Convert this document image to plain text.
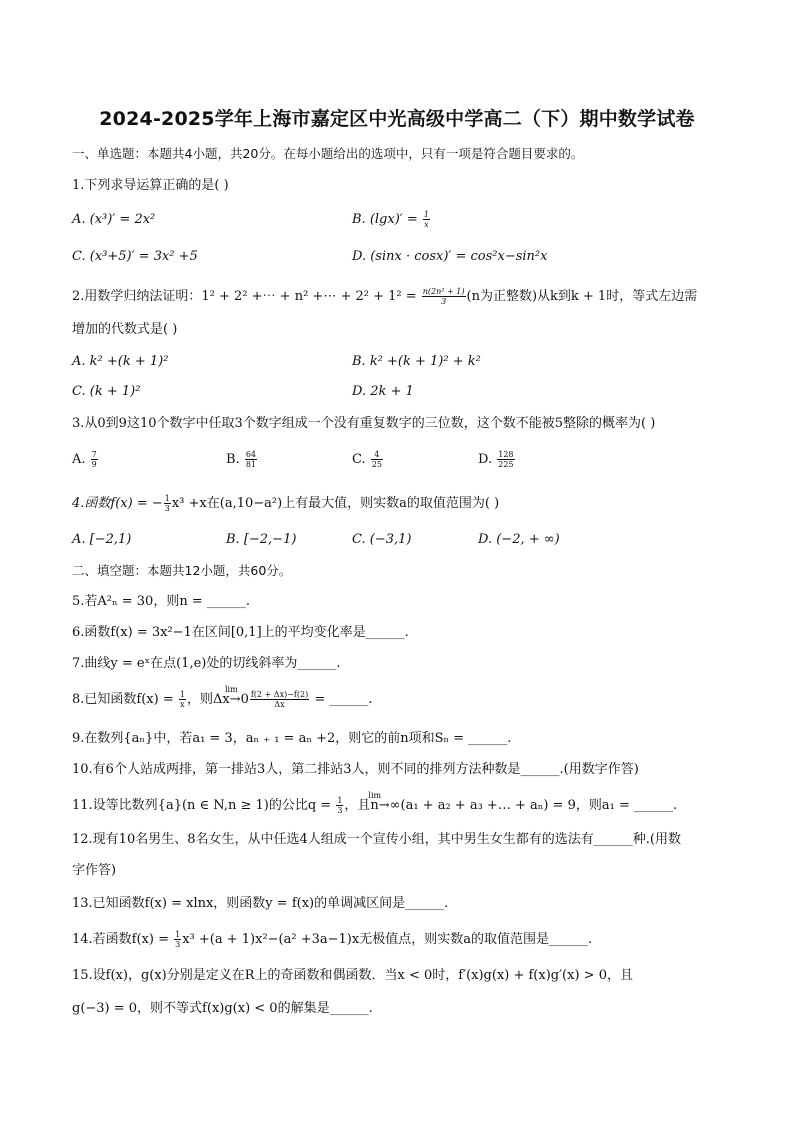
2024-2025学年上海市嘉定区中光高级中学高二（下）期中数学试卷
一、单选题：本题共4小题，共20分。在每小题给出的选项中，只有一项是符合题目要求的。
1.下列求导运算正确的是( )
A. (x³)′ = 2x²	B. $(\lg x)' = \frac{1}{x}$
C. (x³+5)′ = 3x² +5	D. (sinx · cosx)′ = cos²x−sin²x
2.用数学归纳法证明：1² + 2² +⋯ + n² +⋯ + $2^2 + 1^2 = \frac{\text{n(2n² + 1)}}{3} (n$为正整数)从k到k + 1时，等式左边需
增加的代数式是( )
A. k² +(k + 1)²	B. k² +(k + 1)² + k²
C. (k + 1)²	D. 2k + 1
3.从0到9这10个数字中任取3个数字组成一个没有重复数字的三位数，这个数不能被5整除的概率为( )
A. $\frac{7}{9}$	B. $\frac{64}{81}$	C. $\frac{4}{25}$	D. $\frac{128}{225}$
4.函数f(x) = − $\frac{1}{3} x^3 +x$在(a,10−a²)上有最大值，则实数a的取值范围为( )
A. [−2,1)	B. [−2,−1)	C. (−3,1)	D. (−2, + ∞)
二、填空题：本题共12小题，共60分。
5.若A²ₙ = 30，则n = ______.
6.函数f(x) = 3x²−1在区间[0,1]上的平均变化率是______.
7.曲线y = eˣ在点(1,e)处的切线斜率为______.
8.已知函数$f(x) = \frac{1}{x}$
lim
，则$\Delta x\to 0 \frac{f(2 + \Delta x)-f(2)}{\Delta x}$ = ______.
9.在数列{aₙ}中，若a₁ = 3，aₙ ₊ ₁ = aₙ +2，则它的前n项和Sₙ = ______.
10.有6个人站成两排，第一排站3人，第二排站3人，则不同的排列方法种数是______.(用数字作答)
11.设等比数列{a}(n ∈ N,n ≥ 1)的公比$q = \frac{1}{3}$
lim
，且n→∞(a₁ + a₂ + a₃ +… + aₙ) = 9，则a₁ = ______.
12.现有10名男生、8名女生，从中任选4人组成一个宣传小组，其中男生女生都有的选法有______种.(用数
字作答)
13.已知函数f(x) = xlnx，则函数y = f(x)的单调减区间是______.
14.若函数$f(x) = \frac{1}{3} x^3 +(a + 1)x^2-(a^2 +3a-1)x$无极值点，则实数a的取值范围是______.
15.设f(x)，g(x)分别是定义在R上的奇函数和偶函数．当x < 0时，f′(x)g(x) + f(x)g′(x) > 0，且
g(−3) = 0，则不等式f(x)g(x) < 0的解集是______.
